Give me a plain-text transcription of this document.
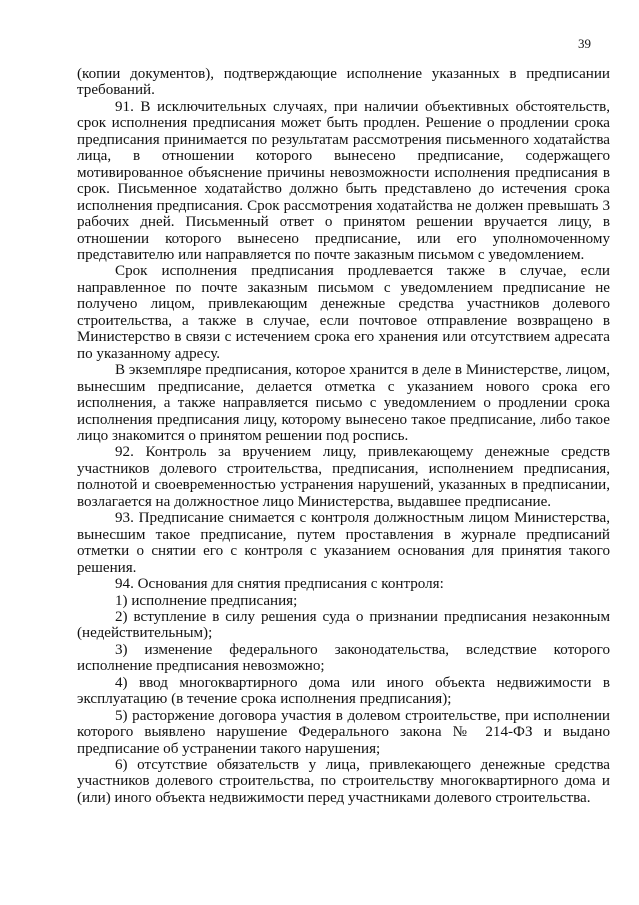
39

(копии документов), подтверждающие исполнение указанных в предписании требований.

91. В исключительных случаях, при наличии объективных обстоятельств, срок исполнения предписания может быть продлен. Решение о продлении срока предписания принимается по результатам рассмотрения письменного ходатайства лица, в отношении которого вынесено предписание, содержащего мотивированное объяснение причины невозможности исполнения предписания в срок. Письменное ходатайство должно быть представлено до истечения срока исполнения предписания. Срок рассмотрения ходатайства не должен превышать 3 рабочих дней. Письменный ответ о принятом решении вручается лицу, в отношении которого вынесено предписание, или его уполномоченному представителю или направляется по почте заказным письмом с уведомлением.

Срок исполнения предписания продлевается также в случае, если направленное по почте заказным письмом с уведомлением предписание не получено лицом, привлекающим денежные средства участников долевого строительства, а также в случае, если почтовое отправление возвращено в Министерство в связи с истечением срока его хранения или отсутствием адресата по указанному адресу.

В экземпляре предписания, которое хранится в деле в Министерстве, лицом, вынесшим предписание, делается отметка с указанием нового срока его исполнения, а также направляется письмо с уведомлением о продлении срока исполнения предписания лицу, которому вынесено такое предписание, либо такое лицо знакомится о принятом решении под роспись.

92. Контроль за вручением лицу, привлекающему денежные средств участников долевого строительства, предписания, исполнением предписания, полнотой и своевременностью устранения нарушений, указанных в предписании, возлагается на должностное лицо Министерства, выдавшее предписание.

93. Предписание снимается с контроля должностным лицом Министерства, вынесшим такое предписание, путем проставления в журнале предписаний отметки о снятии его с контроля с указанием основания для принятия такого решения.

94. Основания для снятия предписания с контроля:

1) исполнение предписания;

2) вступление в силу решения суда о признании предписания незаконным (недействительным);

3) изменение федерального законодательства, вследствие которого исполнение предписания невозможно;

4) ввод многоквартирного дома или иного объекта недвижимости в эксплуатацию (в течение срока исполнения предписания);

5) расторжение договора участия в долевом строительстве, при исполнении которого выявлено нарушение Федерального закона № 214-ФЗ и выдано предписание об устранении такого нарушения;

6) отсутствие обязательств у лица, привлекающего денежные средства участников долевого строительства, по строительству многоквартирного дома и (или) иного объекта недвижимости перед участниками долевого строительства.
